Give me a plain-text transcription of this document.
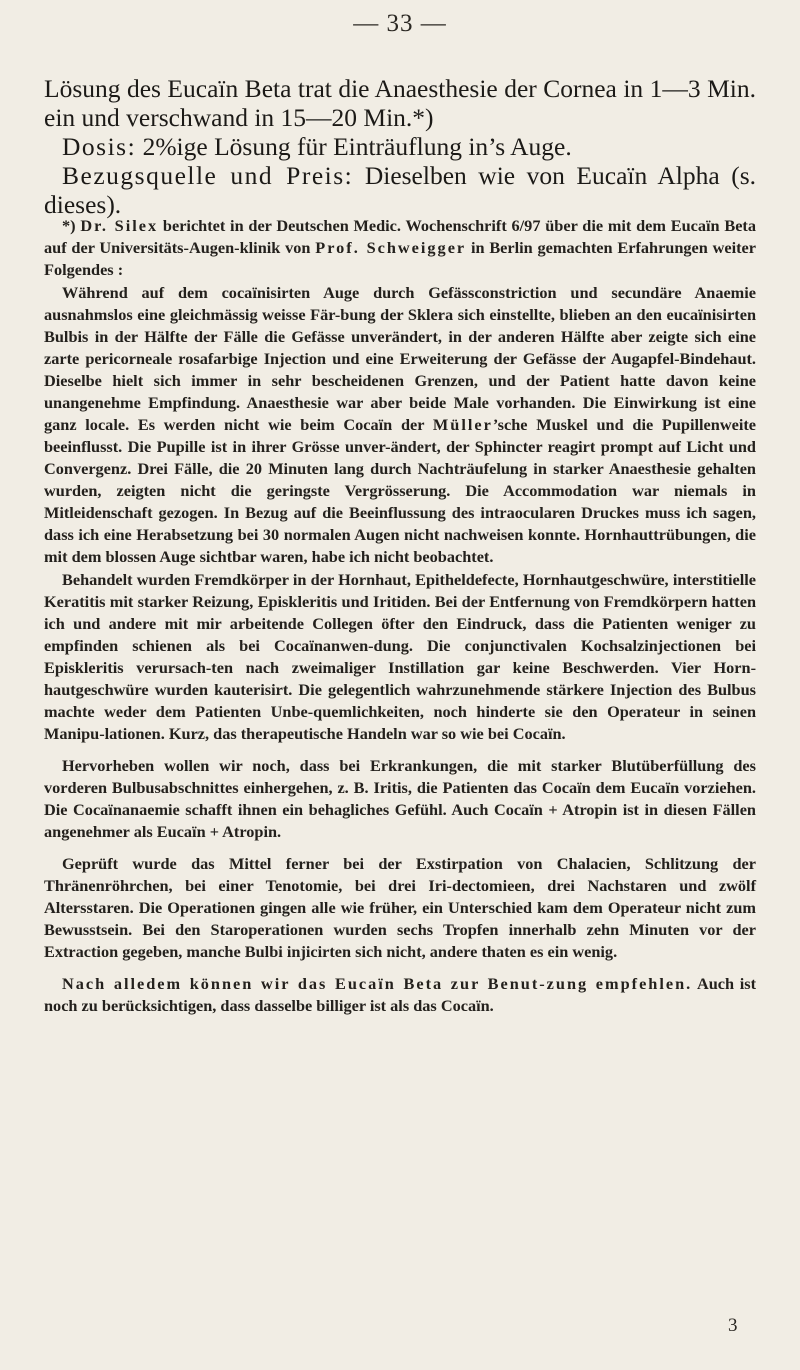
— 33 —

Lösung des Eucaïn Beta trat die Anaesthesie der Cornea in 1—3 Min. ein und verschwand in 15—20 Min.*)

Dosis: 2%ige Lösung für Einträuflung in’s Auge.

Bezugsquelle und Preis: Dieselben wie von Eucaïn Alpha (s. dieses).

*) Dr. Silex berichtet in der Deutschen Medic. Wochenschrift 6/97 über die mit dem Eucaïn Beta auf der Universitäts-Augen-klinik von Prof. Schweigger in Berlin gemachten Erfahrungen weiter Folgendes :

Während auf dem cocaïnisirten Auge durch Gefässconstriction und secundäre Anaemie ausnahmslos eine gleichmässig weisse Fär-bung der Sklera sich einstellte, blieben an den eucaïnisirten Bulbis in der Hälfte der Fälle die Gefässe unverändert, in der anderen Hälfte aber zeigte sich eine zarte pericorneale rosafarbige Injection und eine Erweiterung der Gefässe der Augapfel-Bindehaut. Dieselbe hielt sich immer in sehr bescheidenen Grenzen, und der Patient hatte davon keine unangenehme Empfindung. Anaesthesie war aber beide Male vorhanden. Die Einwirkung ist eine ganz locale. Es werden nicht wie beim Cocaïn der Müller’sche Muskel und die Pupillenweite beeinflusst. Die Pupille ist in ihrer Grösse unver-ändert, der Sphincter reagirt prompt auf Licht und Convergenz. Drei Fälle, die 20 Minuten lang durch Nachträufelung in starker Anaesthesie gehalten wurden, zeigten nicht die geringste Vergrösserung. Die Accommodation war niemals in Mitleidenschaft gezogen. In Bezug auf die Beeinflussung des intraocularen Druckes muss ich sagen, dass ich eine Herabsetzung bei 30 normalen Augen nicht nachweisen konnte. Hornhauttrübungen, die mit dem blossen Auge sichtbar waren, habe ich nicht beobachtet.

Behandelt wurden Fremdkörper in der Hornhaut, Epitheldefecte, Hornhautgeschwüre, interstitielle Keratitis mit starker Reizung, Episkleritis und Iritiden. Bei der Entfernung von Fremdkörpern hatten ich und andere mit mir arbeitende Collegen öfter den Eindruck, dass die Patienten weniger zu empfinden schienen als bei Cocaïnanwen-dung. Die conjunctivalen Kochsalzinjectionen bei Episkleritis verursach-ten nach zweimaliger Instillation gar keine Beschwerden. Vier Horn-hautgeschwüre wurden kauterisirt. Die gelegentlich wahrzunehmende stärkere Injection des Bulbus machte weder dem Patienten Unbe-quemlichkeiten, noch hinderte sie den Operateur in seinen Manipu-lationen. Kurz, das therapeutische Handeln war so wie bei Cocaïn.

Hervorheben wollen wir noch, dass bei Erkrankungen, die mit starker Blutüberfüllung des vorderen Bulbusabschnittes einhergehen, z. B. Iritis, die Patienten das Cocaïn dem Eucaïn vorziehen. Die Cocaïnanaemie schafft ihnen ein behagliches Gefühl. Auch Cocaïn + Atropin ist in diesen Fällen angenehmer als Eucaïn + Atropin.

Geprüft wurde das Mittel ferner bei der Exstirpation von Chalacien, Schlitzung der Thränenröhrchen, bei einer Tenotomie, bei drei Iri-dectomieen, drei Nachstaren und zwölf Altersstaren. Die Operationen gingen alle wie früher, ein Unterschied kam dem Operateur nicht zum Bewusstsein. Bei den Staroperationen wurden sechs Tropfen innerhalb zehn Minuten vor der Extraction gegeben, manche Bulbi injicirten sich nicht, andere thaten es ein wenig.

Nach alledem können wir das Eucaïn Beta zur Benut-zung empfehlen. Auch ist noch zu berücksichtigen, dass dasselbe billiger ist als das Cocaïn.

3
